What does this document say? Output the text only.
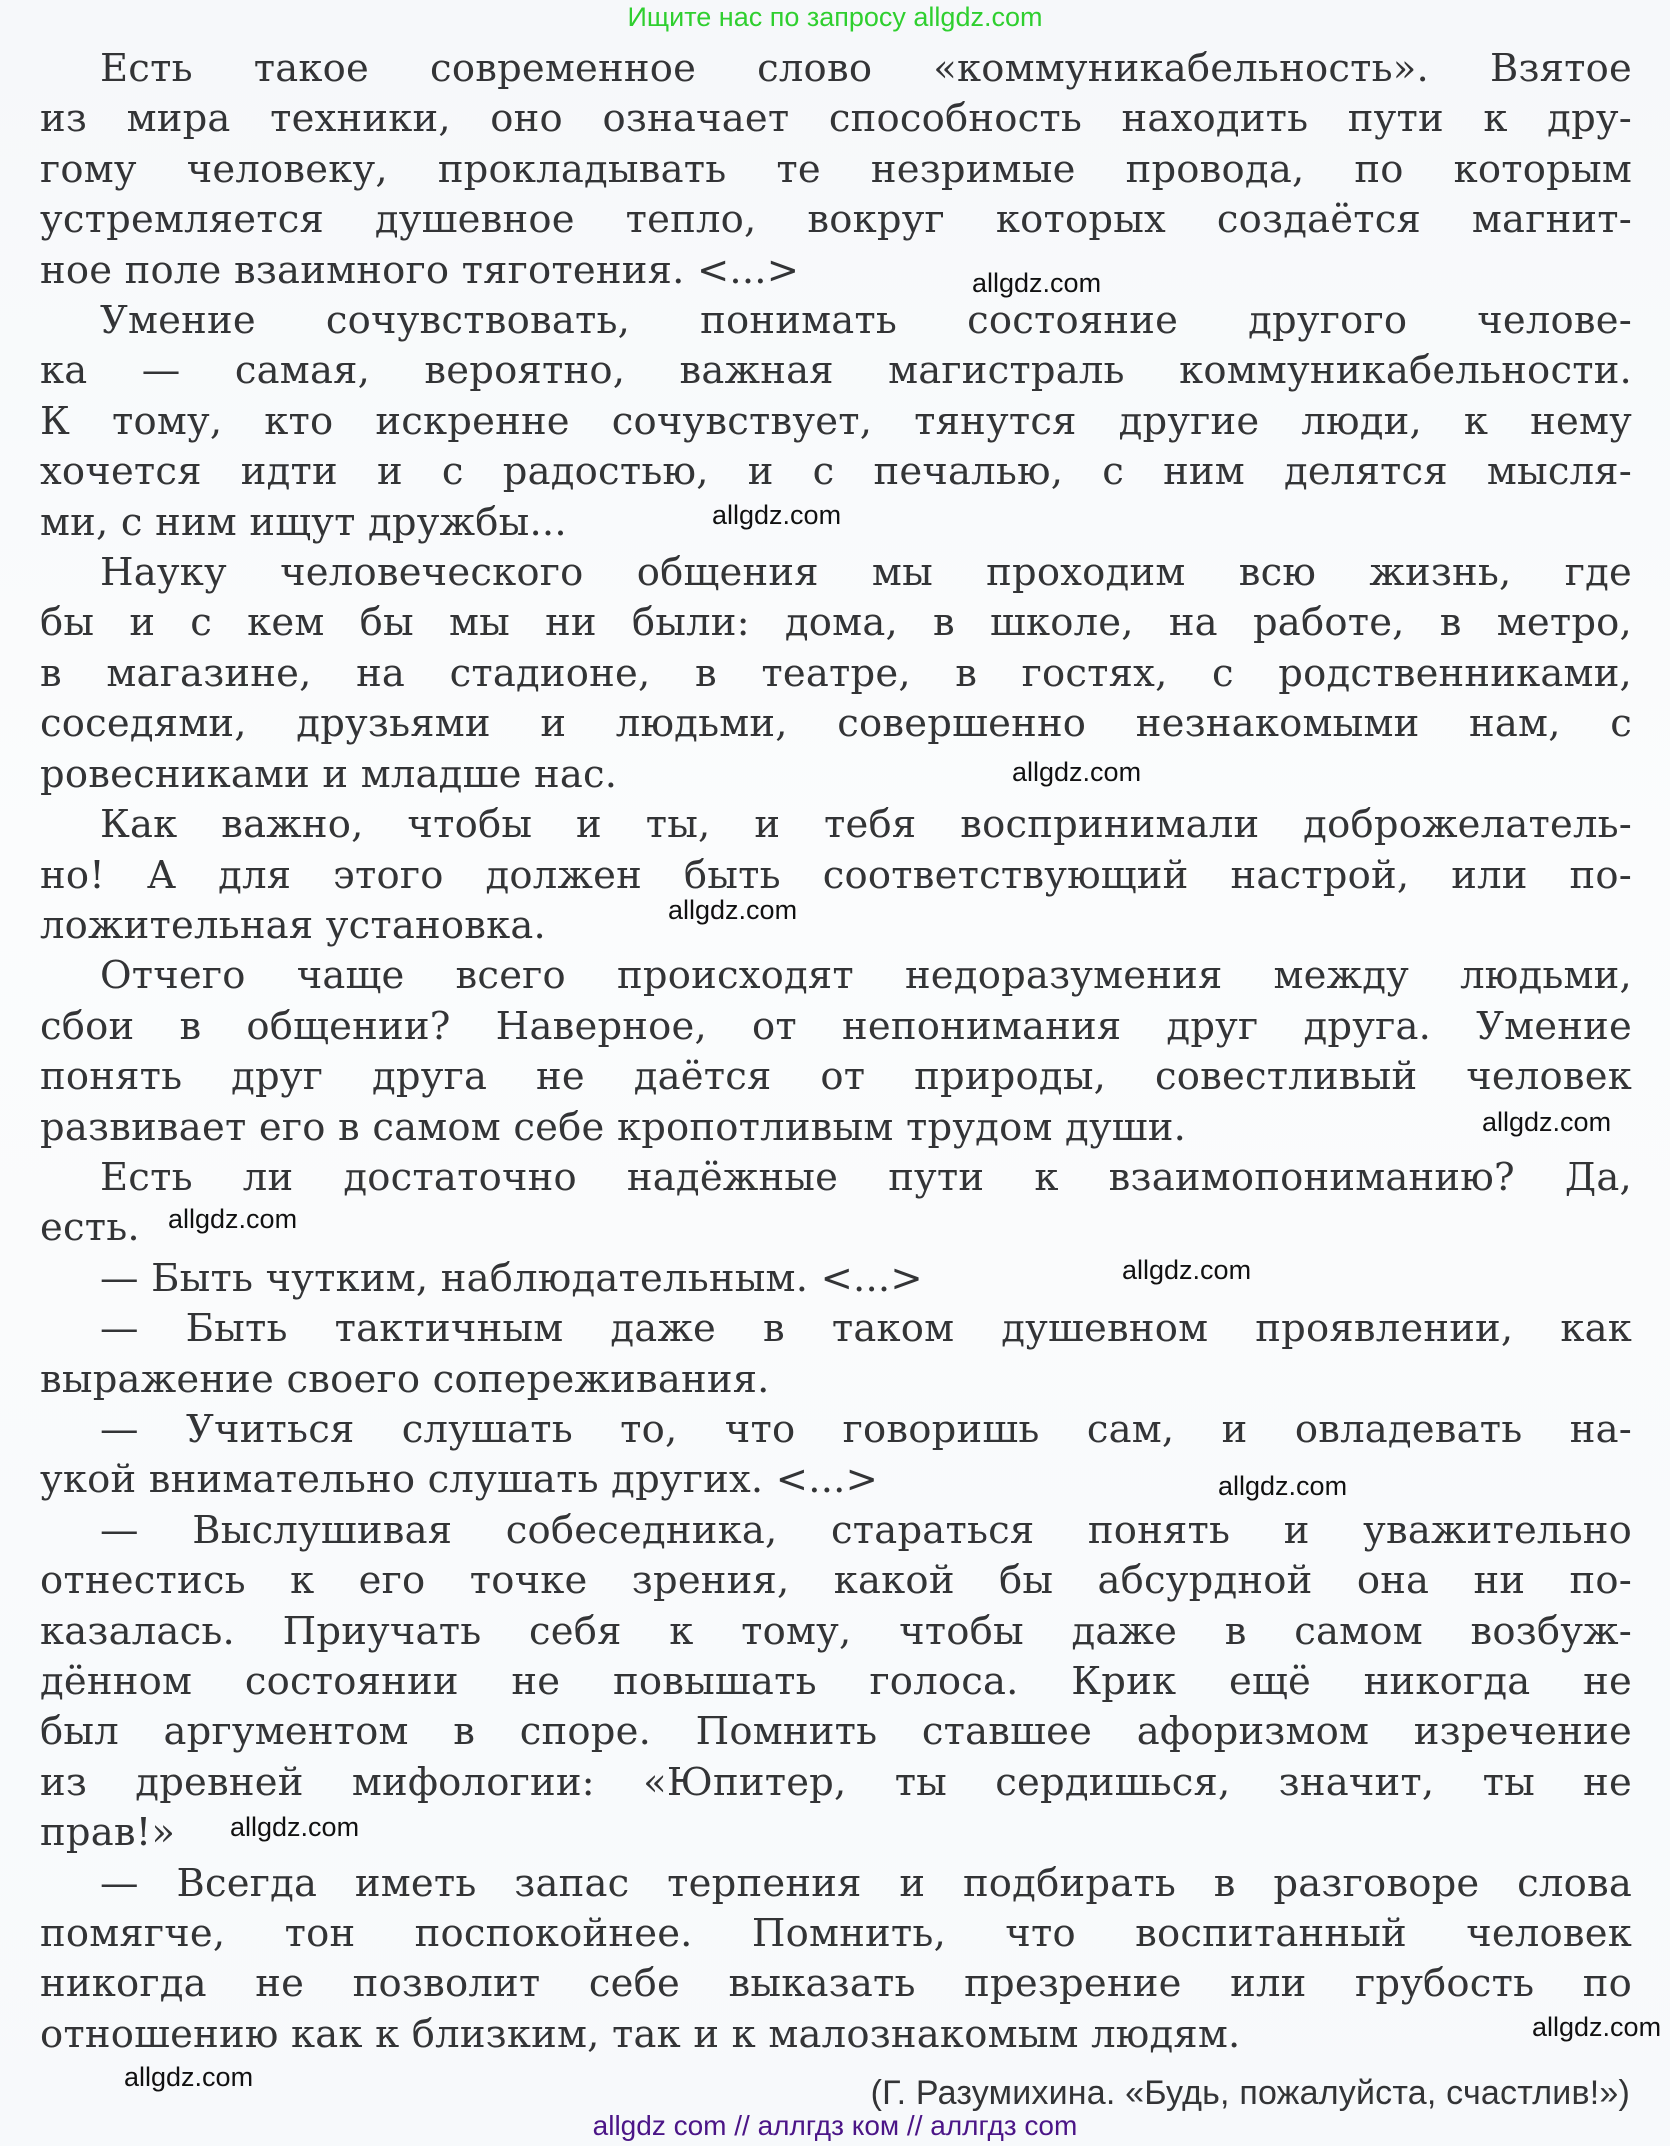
Ищите нас по запросу allgdz.com

Есть такое современное слово «коммуникабельность». Взятое
из мира техники, оно означает способность находить пути к дру-
гому человеку, прокладывать те незримые провода, по которым
устремляется душевное тепло, вокруг которых создаётся магнит-
ное поле взаимного тяготения. <...>

Умение сочувствовать, понимать состояние другого челове-
ка — самая, вероятно, важная магистраль коммуникабельности.
К тому, кто искренне сочувствует, тянутся другие люди, к нему
хочется идти и с радостью, и с печалью, с ним делятся мысля-
ми, с ним ищут дружбы...

Науку человеческого общения мы проходим всю жизнь, где
бы и с кем бы мы ни были: дома, в школе, на работе, в метро,
в магазине, на стадионе, в театре, в гостях, с родственниками,
соседями, друзьями и людьми, совершенно незнакомыми нам, с
ровесниками и младше нас.

Как важно, чтобы и ты, и тебя воспринимали доброжелатель-
но! А для этого должен быть соответствующий настрой, или по-
ложительная установка.

Отчего чаще всего происходят недоразумения между людьми,
сбои в общении? Наверное, от непонимания друг друга. Умение
понять друг друга не даётся от природы, совестливый человек
развивает его в самом себе кропотливым трудом души.

Есть ли достаточно надёжные пути к взаимопониманию? Да,
есть.

— Быть чутким, наблюдательным. <...>

— Быть тактичным даже в таком душевном проявлении, как
выражение своего сопереживания.

— Учиться слушать то, что говоришь сам, и овладевать на-
укой внимательно слушать других. <...>

— Выслушивая собеседника, стараться понять и уважительно
отнестись к его точке зрения, какой бы абсурдной она ни по-
казалась. Приучать себя к тому, чтобы даже в самом возбуж-
дённом состоянии не повышать голоса. Крик ещё никогда не
был аргументом в споре. Помнить ставшее афоризмом изречение
из древней мифологии: «Юпитер, ты сердишься, значит, ты не
прав!»

— Всегда иметь запас терпения и подбирать в разговоре слова
помягче, тон поспокойнее. Помнить, что воспитанный человек
никогда не позволит себе выказать презрение или грубость по
отношению как к близким, так и к малознакомым людям.

(Г. Разумихина. «Будь, пожалуйста, счастлив!»)
allgdz.com
allgdz.com
allgdz.com
allgdz.com
allgdz.com
allgdz.com
allgdz.com
allgdz.com
allgdz.com
allgdz.com
allgdz.com
allgdz com // аллгдз ком // аллгдз com
